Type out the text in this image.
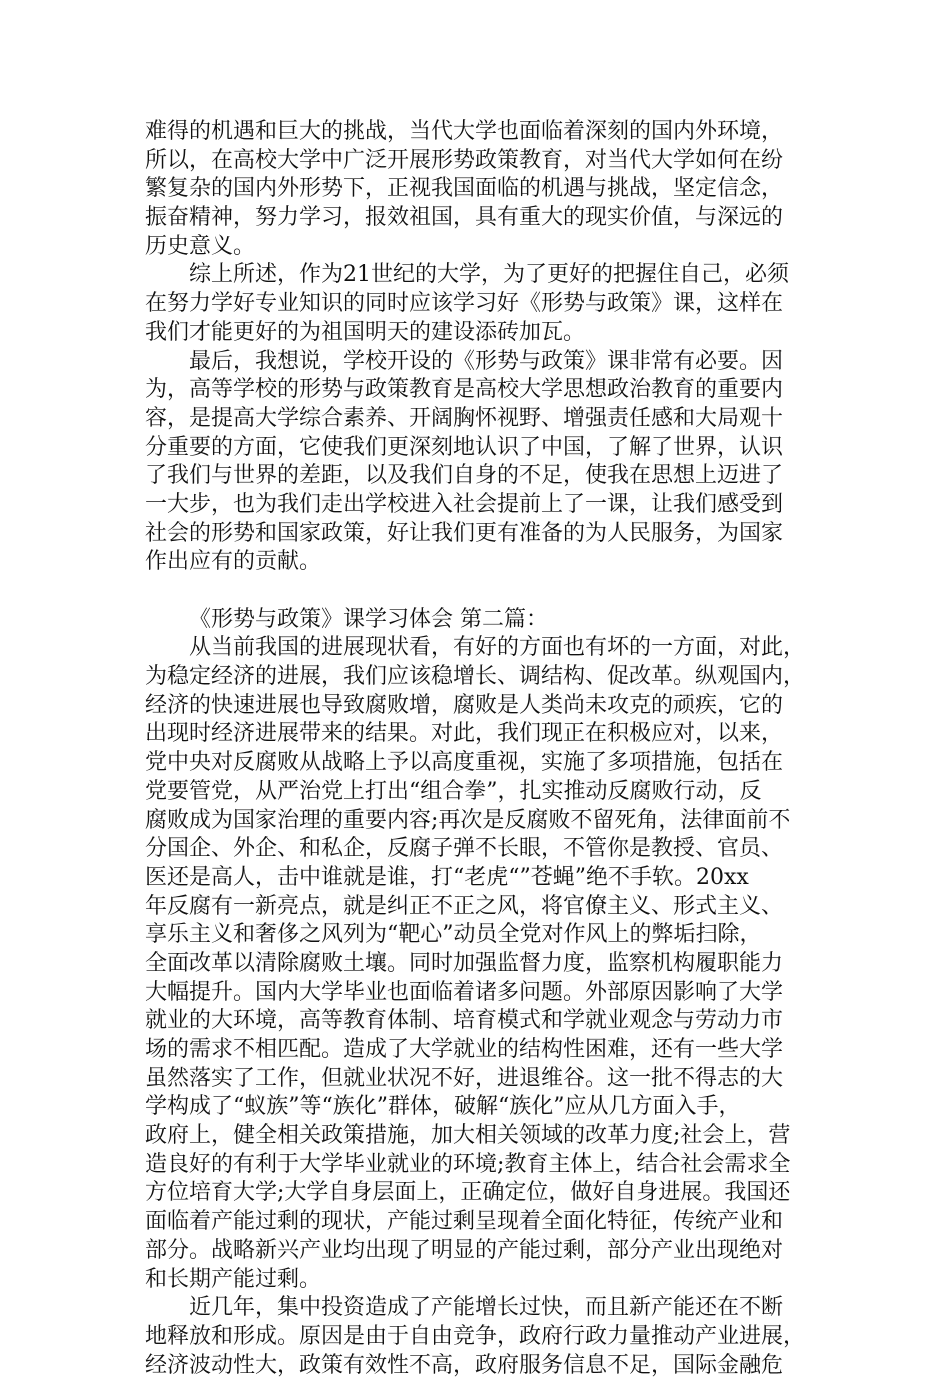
难得的机遇和巨大的挑战，当代大学也面临着深刻的国内外环境，
所以，在高校大学中广泛开展形势政策教育，对当代大学如何在纷
繁复杂的国内外形势下，正视我国面临的机遇与挑战，坚定信念，
振奋精神，努力学习，报效祖国，具有重大的现实价值，与深远的
历史意义。
综上所述，作为21世纪的大学，为了更好的把握住自己，必须
在努力学好专业知识的同时应该学习好《形势与政策》课，这样在
我们才能更好的为祖国明天的建设添砖加瓦。
最后，我想说，学校开设的《形势与政策》课非常有必要。因
为，高等学校的形势与政策教育是高校大学思想政治教育的重要内
容，是提高大学综合素养、开阔胸怀视野、增强责任感和大局观十
分重要的方面，它使我们更深刻地认识了中国，了解了世界，认识
了我们与世界的差距，以及我们自身的不足，使我在思想上迈进了
一大步，也为我们走出学校进入社会提前上了一课，让我们感受到
社会的形势和国家政策，好让我们更有准备的为人民服务，为国家
作出应有的贡献。
《形势与政策》课学习体会 第二篇：
从当前我国的进展现状看，有好的方面也有坏的一方面，对此，
为稳定经济的进展，我们应该稳增长、调结构、促改革。纵观国内，
经济的快速进展也导致腐败增，腐败是人类尚未攻克的顽疾，它的
出现时经济进展带来的结果。对此，我们现正在积极应对，以来，
党中央对反腐败从战略上予以高度重视，实施了多项措施，包括在
党要管党，从严治党上打出“组合拳”，扎实推动反腐败行动，反
腐败成为国家治理的重要内容;再次是反腐败不留死角，法律面前不
分国企、外企、和私企，反腐子弹不长眼，不管你是教授、官员、
医还是高人，击中谁就是谁，打“老虎“”苍蝇”绝不手软。20xx
年反腐有一新亮点，就是纠正不正之风，将官僚主义、形式主义、
享乐主义和奢侈之风列为“靶心”动员全党对作风上的弊垢扫除，
全面改革以清除腐败土壤。同时加强监督力度，监察机构履职能力
大幅提升。国内大学毕业也面临着诸多问题。外部原因影响了大学
就业的大环境，高等教育体制、培育模式和学就业观念与劳动力市
场的需求不相匹配。造成了大学就业的结构性困难，还有一些大学
虽然落实了工作，但就业状况不好，进退维谷。这一批不得志的大
学构成了“蚁族”等“族化”群体，破解“族化”应从几方面入手，
政府上，健全相关政策措施，加大相关领域的改革力度;社会上，营
造良好的有利于大学毕业就业的环境;教育主体上，结合社会需求全
方位培育大学;大学自身层面上，正确定位，做好自身进展。我国还
面临着产能过剩的现状，产能过剩呈现着全面化特征，传统产业和
部分。战略新兴产业均出现了明显的产能过剩，部分产业出现绝对
和长期产能过剩。
近几年，集中投资造成了产能增长过快，而且新产能还在不断
地释放和形成。原因是由于自由竞争，政府行政力量推动产业进展，
经济波动性大，政策有效性不高，政府服务信息不足，国际金融危
